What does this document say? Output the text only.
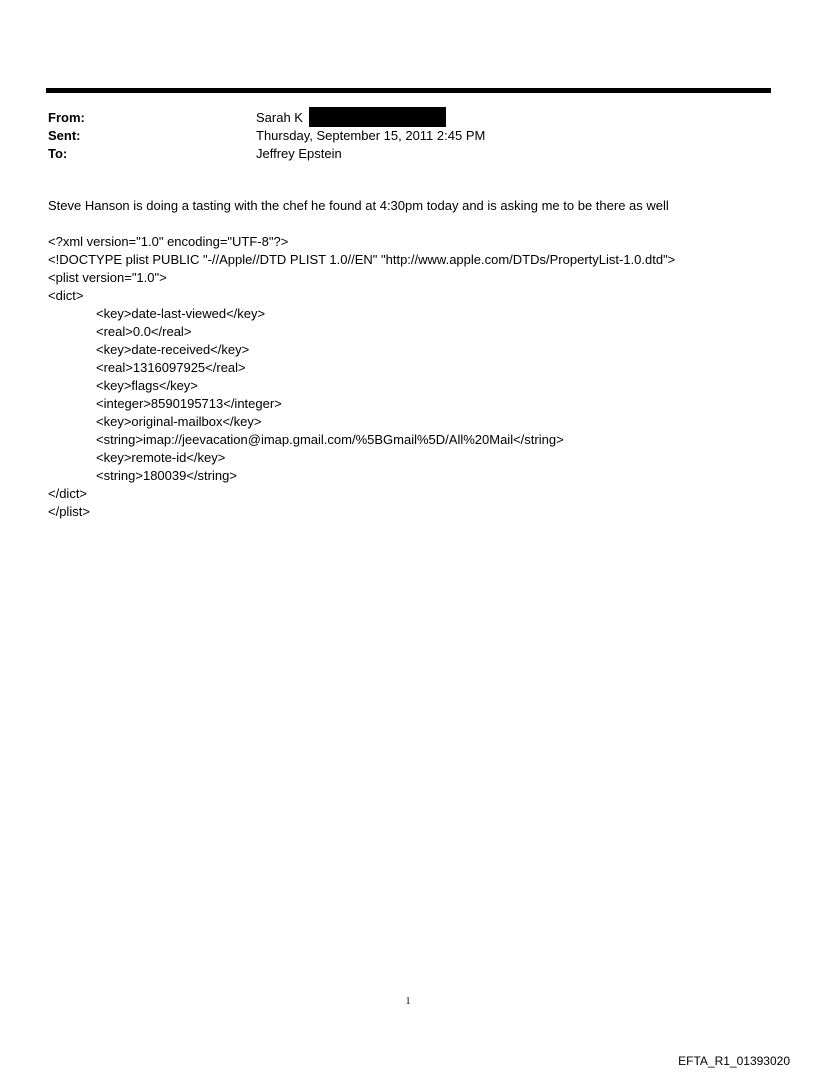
From:	Sarah K
Sent:	Thursday, September 15, 2011 2:45 PM
To:	Jeffrey Epstein
Steve Hanson is doing a tasting with the chef he found at 4:30pm today and is asking me to be there as well
<?xml version="1.0" encoding="UTF-8"?>
<!DOCTYPE plist PUBLIC "-//Apple//DTD PLIST 1.0//EN" "http://www.apple.com/DTDs/PropertyList-1.0.dtd">
<plist version="1.0">
<dict>
<key>date-last-viewed</key>
<real>0.0</real>
<key>date-received</key>
<real>1316097925</real>
<key>flags</key>
<integer>8590195713</integer>
<key>original-mailbox</key>
<string>imap://jeevacation@imap.gmail.com/%5BGmail%5D/All%20Mail</string>
<key>remote-id</key>
<string>180039</string>
</dict>
</plist>
1
EFTA_R1_01393020
